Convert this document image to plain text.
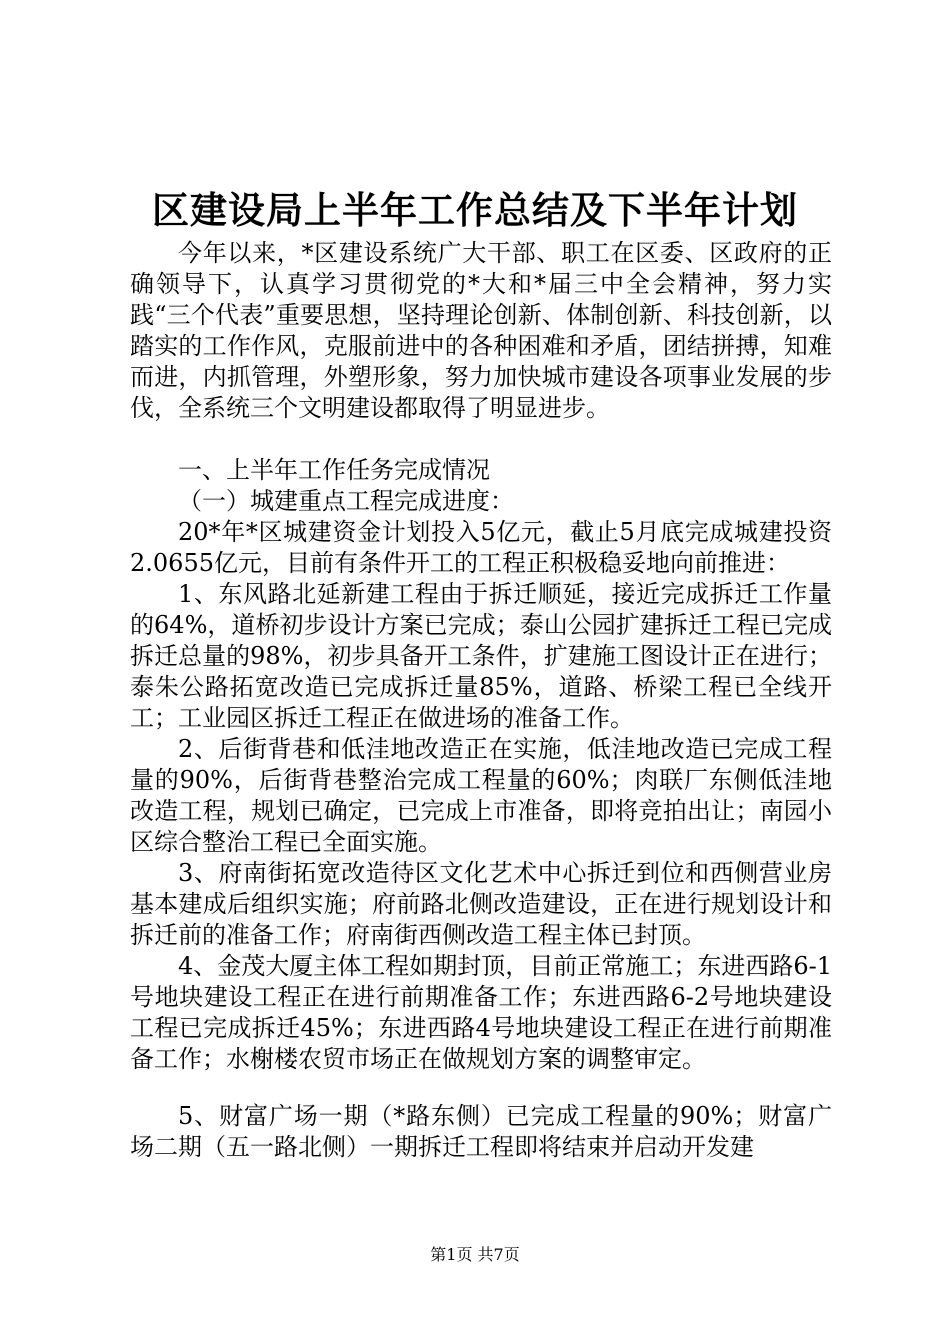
区建设局上半年工作总结及下半年计划

今年以来，*区建设系统广大干部、职工在区委、区政府的正确领导下，认真学习贯彻党的*大和*届三中全会精神，努力实践“三个代表”重要思想，坚持理论创新、体制创新、科技创新，以踏实的工作作风，克服前进中的各种困难和矛盾，团结拼搏，知难而进，内抓管理，外塑形象，努力加快城市建设各项事业发展的步伐，全系统三个文明建设都取得了明显进步。

一、上半年工作任务完成情况

（一）城建重点工程完成进度：

20*年*区城建资金计划投入5亿元，截止5月底完成城建投资2.0655亿元，目前有条件开工的工程正积极稳妥地向前推进：

1、东风路北延新建工程由于拆迁顺延，接近完成拆迁工作量的64%，道桥初步设计方案已完成；泰山公园扩建拆迁工程已完成拆迁总量的98%，初步具备开工条件，扩建施工图设计正在进行；泰朱公路拓宽改造已完成拆迁量85%，道路、桥梁工程已全线开工；工业园区拆迁工程正在做进场的准备工作。

2、后街背巷和低洼地改造正在实施，低洼地改造已完成工程量的90%，后街背巷整治完成工程量的60%；肉联厂东侧低洼地改造工程，规划已确定，已完成上市准备，即将竞拍出让；南园小区综合整治工程已全面实施。

3、府南街拓宽改造待区文化艺术中心拆迁到位和西侧营业房基本建成后组织实施；府前路北侧改造建设，正在进行规划设计和拆迁前的准备工作；府南街西侧改造工程主体已封顶。

4、金茂大厦主体工程如期封顶，目前正常施工；东进西路6-1号地块建设工程正在进行前期准备工作；东进西路6-2号地块建设工程已完成拆迁45%；东进西路4号地块建设工程正在进行前期准备工作；水榭楼农贸市场正在做规划方案的调整审定。

5、财富广场一期（*路东侧）已完成工程量的90%；财富广场二期（五一路北侧）一期拆迁工程即将结束并启动开发建

第1页 共7页
